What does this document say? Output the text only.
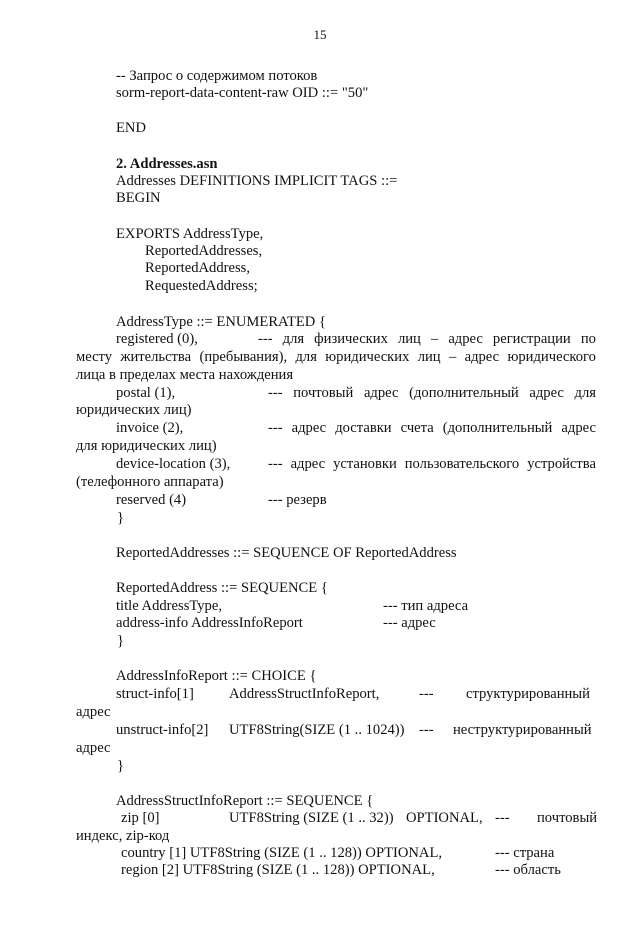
15
-- Запрос о содержимом потоков
sorm-report-data-content-raw OID ::= "50"
END
2. Addresses.asn
Addresses DEFINITIONS IMPLICIT TAGS ::=
BEGIN
EXPORTS AddressType,
ReportedAddresses,
ReportedAddress,
RequestedAddress;
AddressType ::= ENUMERATED {
registered (0),	--- для физических лиц – адрес регистрации по
месту жительства (пребывания), для юридических лиц – адрес юридического
лица в пределах места нахождения
postal (1),	--- почтовый адрес (дополнительный адрес для
юридических лиц)
invoice (2),	--- адрес доставки счета (дополнительный адрес
для юридических лиц)
device-location (3),	--- адрес установки пользовательского устройства
(телефонного аппарата)
reserved (4)	--- резерв
}
ReportedAddresses ::= SEQUENCE OF ReportedAddress
ReportedAddress ::= SEQUENCE {
title AddressType,	--- тип адреса
address-info AddressInfoReport	--- адрес
}
AddressInfoReport ::= CHOICE {
struct-info[1] AddressStructInfoReport,	--- структурированный
адрес
unstruct-info[2] UTF8String(SIZE (1 .. 1024)) --- неструктурированный
адрес
}
AddressStructInfoReport ::= SEQUENCE {
zip [0]	UTF8String (SIZE (1 .. 32)) OPTIONAL, --- почтовый
индекс, zip-код
country [1] UTF8String (SIZE (1 .. 128)) OPTIONAL,	--- страна
region [2] UTF8String (SIZE (1 .. 128)) OPTIONAL,	--- область
